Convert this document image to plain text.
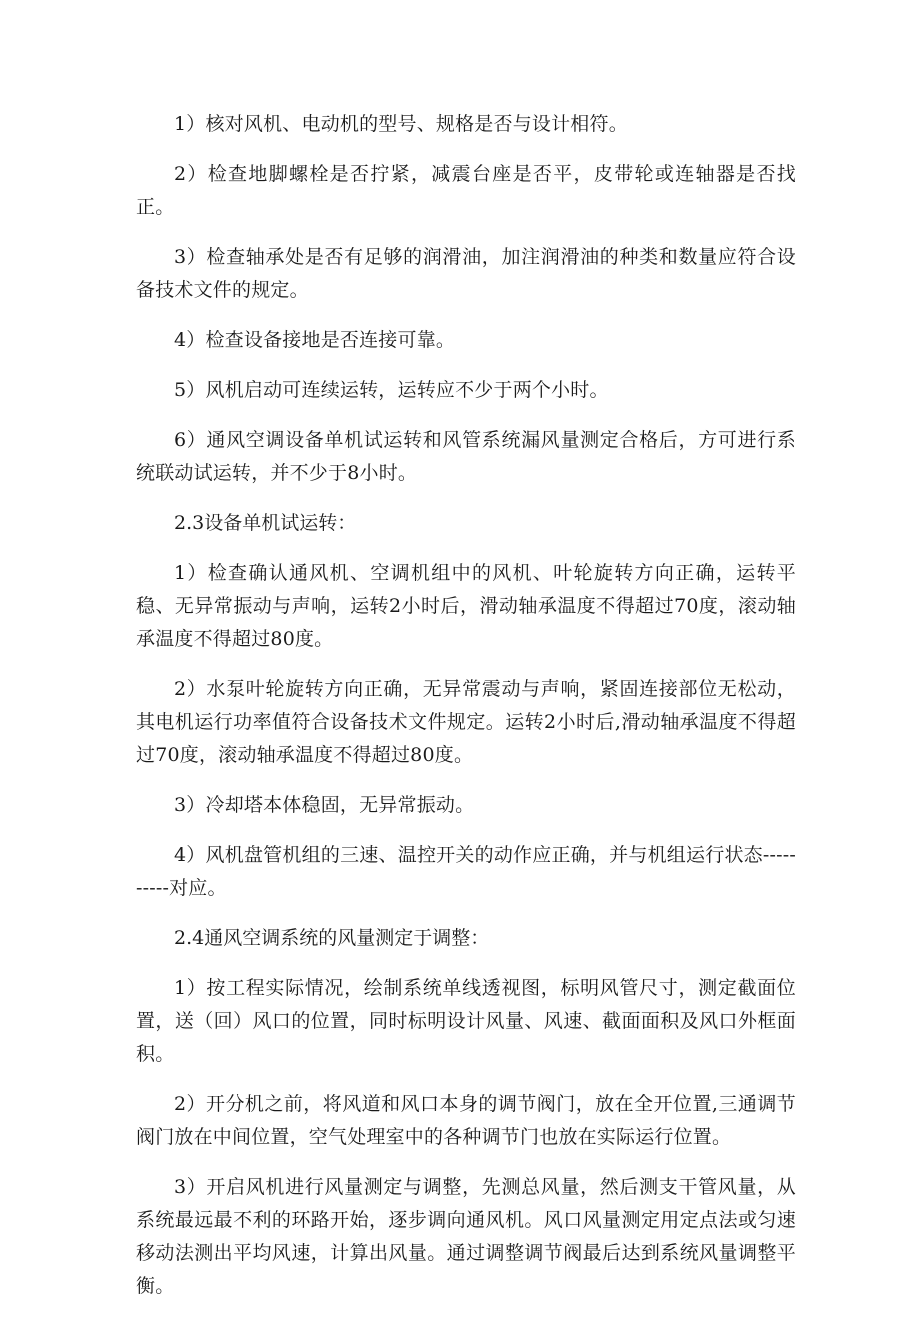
1）核对风机、电动机的型号、规格是否与设计相符。

2）检查地脚螺栓是否拧紧，减震台座是否平，皮带轮或连轴器是否找正。

3）检查轴承处是否有足够的润滑油，加注润滑油的种类和数量应符合设备技术文件的规定。

4）检查设备接地是否连接可靠。

5）风机启动可连续运转，运转应不少于两个小时。

6）通风空调设备单机试运转和风管系统漏风量测定合格后，方可进行系统联动试运转，并不少于8小时。

2.3设备单机试运转：

1）检查确认通风机、空调机组中的风机、叶轮旋转方向正确，运转平稳、无异常振动与声响，运转2小时后，滑动轴承温度不得超过70度，滚动轴承温度不得超过80度。

2）水泵叶轮旋转方向正确，无异常震动与声响，紧固连接部位无松动，其电机运行功率值符合设备技术文件规定。运转2小时后,滑动轴承温度不得超过70度，滚动轴承温度不得超过80度。

3）冷却塔本体稳固，无异常振动。

4）风机盘管机组的三速、温控开关的动作应正确，并与机组运行状态----------对应。

2.4通风空调系统的风量测定于调整：

1）按工程实际情况，绘制系统单线透视图，标明风管尺寸，测定截面位置，送（回）风口的位置，同时标明设计风量、风速、截面面积及风口外框面积。

2）开分机之前，将风道和风口本身的调节阀门，放在全开位置,三通调节阀门放在中间位置，空气处理室中的各种调节门也放在实际运行位置。

3）开启风机进行风量测定与调整，先测总风量，然后测支干管风量，从系统最远最不利的环路开始，逐步调向通风机。风口风量测定用定点法或匀速移动法测出平均风速，计算出风量。通过调整调节阀最后达到系统风量调整平衡。
